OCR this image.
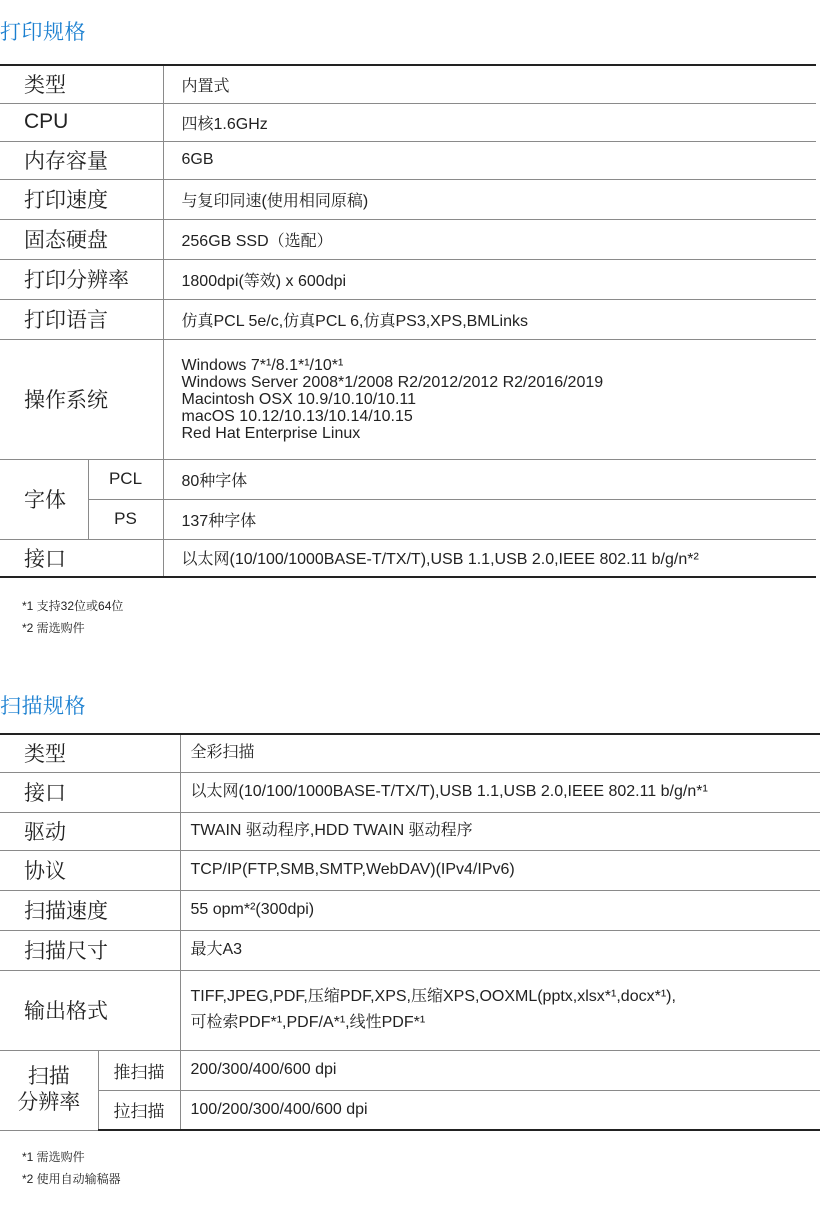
打印规格
类型		内置式
CPU		四核1.6GHz
内存容量		6GB
打印速度		与复印同速(使用相同原稿)
固态硬盘		256GB SSD（选配）
打印分辨率		1800dpi(等效) x 600dpi
打印语言		仿真PCL 5e/c,仿真PCL 6,仿真PS3,XPS,BMLinks
操作系统		Windows 7*¹/8.1*¹/10*¹
Windows Server 2008*1/2008 R2/2012/2012 R2/2016/2019
Macintosh OSX 10.9/10.10/10.11
macOS 10.12/10.13/10.14/10.15
Red Hat Enterprise Linux

字体	PCL	80种字体
	PS	137种字体
接口		以太网(10/100/1000BASE-T/TX/T),USB 1.1,USB 2.0,IEEE 802.11 b/g/n*²
*1 支持32位或64位
*2 需选购件
扫描规格
类型		全彩扫描
接口		以太网(10/100/1000BASE-T/TX/T),USB 1.1,USB 2.0,IEEE 802.11 b/g/n*¹
驱动		TWAIN 驱动程序,HDD TWAIN 驱动程序
协议		TCP/IP(FTP,SMB,SMTP,WebDAV)(IPv4/IPv6)
扫描速度		55 opm*²(300dpi)
扫描尺寸		最大A3
输出格式		TIFF,JPEG,PDF,压缩PDF,XPS,压缩XPS,OOXML(pptx,xlsx*¹,docx*¹),
可检索PDF*¹,PDF/A*¹,线性PDF*¹

扫描
分辨率	推扫描	200/300/400/600 dpi
	拉扫描	100/200/300/400/600 dpi
*1 需选购件
*2 使用自动输稿器
